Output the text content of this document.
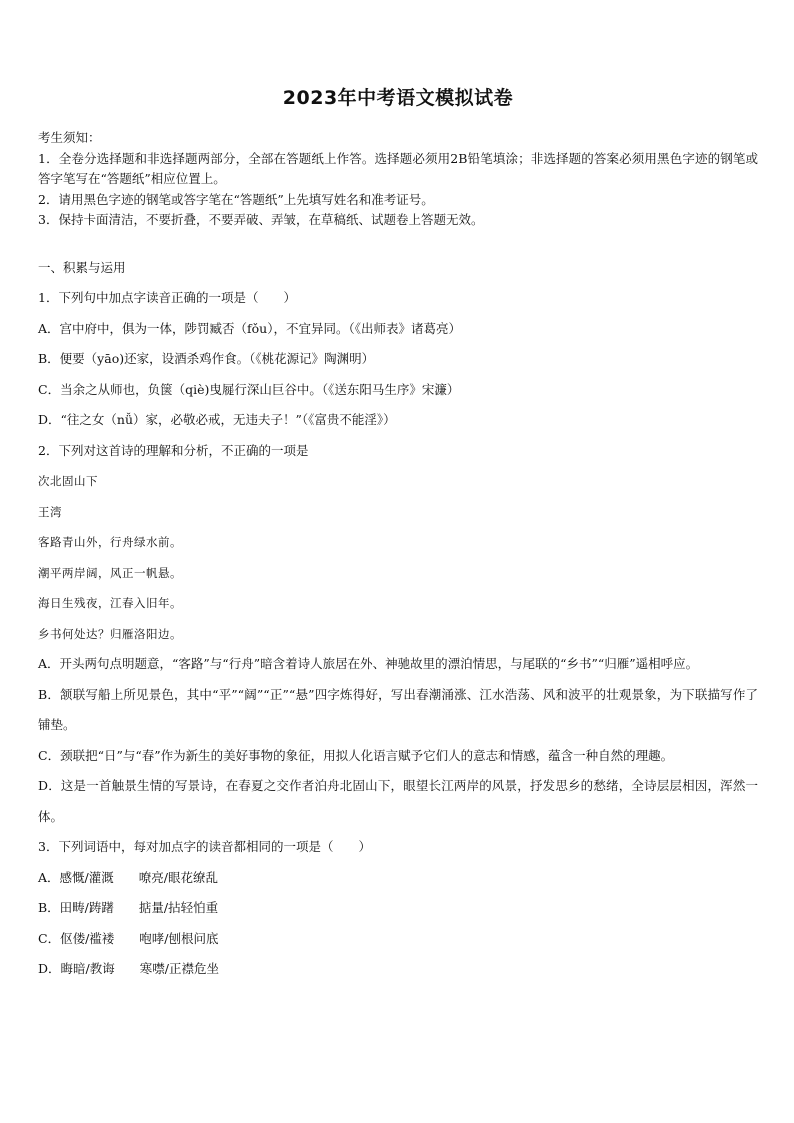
2023年中考语文模拟试卷

考生须知：

1．全卷分选择题和非选择题两部分，全部在答题纸上作答。选择题必须用2B铅笔填涂；非选择题的答案必须用黑色字迹的钢笔或答字笔写在“答题纸”相应位置上。

2．请用黑色字迹的钢笔或答字笔在“答题纸”上先填写姓名和准考证号。

3．保持卡面清洁，不要折叠，不要弄破、弄皱，在草稿纸、试题卷上答题无效。

一、积累与运用

1．下列句中加点字读音正确的一项是（　　）

A．宫中府中，俱为一体，陟罚臧否（fǒu），不宜异同。（《出师表》诸葛亮）

B．便要（yāo)还家，设酒杀鸡作食。（《桃花源记》陶渊明）

C．当余之从师也，负箧（qiè)曳屣行深山巨谷中。（《送东阳马生序》宋濂）

D．“往之女（nǚ）家，必敬必戒，无违夫子！”（《富贵不能淫》）

2．下列对这首诗的理解和分析，不正确的一项是

次北固山下

王湾

客路青山外，行舟绿水前。

潮平两岸阔，风正一帆悬。

海日生残夜，江春入旧年。

乡书何处达？归雁洛阳边。

A．开头两句点明题意，“客路”与“行舟”暗含着诗人旅居在外、神驰故里的漂泊情思，与尾联的“乡书”“归雁”遥相呼应。

B．颔联写船上所见景色，其中“平”“阔”“正”“悬”四字炼得好，写出春潮涌涨、江水浩荡、风和波平的壮观景象，为下联描写作了铺垫。

C．颈联把“日”与“春”作为新生的美好事物的象征，用拟人化语言赋予它们人的意志和情感，蕴含一种自然的理趣。

D．这是一首触景生情的写景诗，在春夏之交作者泊舟北固山下，眼望长江两岸的风景，抒发思乡的愁绪，全诗层层相因，浑然一体。

3．下列词语中，每对加点字的读音都相同的一项是（　　）

A．感慨/灌溉　　嘹亮/眼花缭乱

B．田畴/踌躇　　掂量/拈轻怕重

C．伛偻/褴褛　　咆哮/刨根问底

D．晦暗/教诲　　寒噤/正襟危坐
